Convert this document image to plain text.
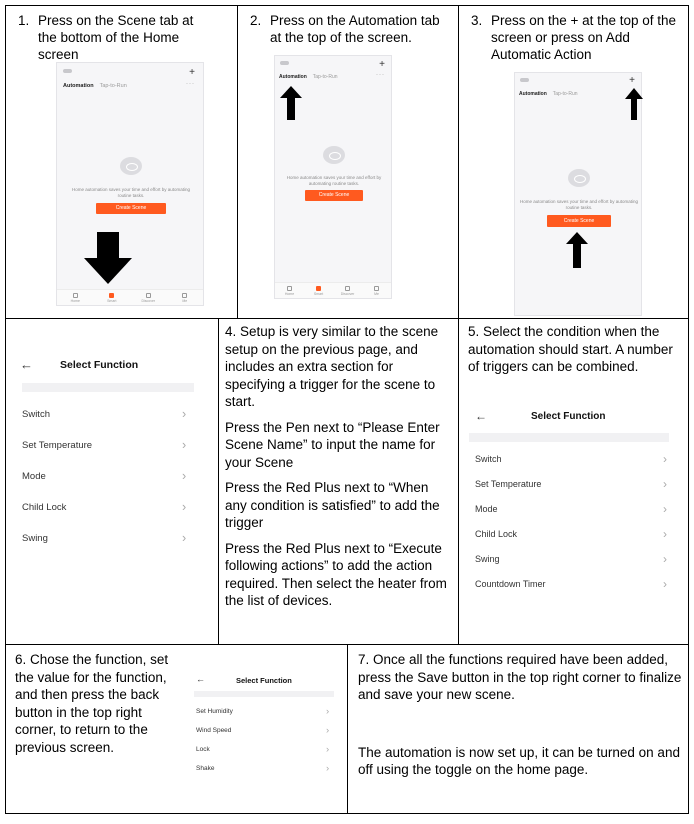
1. Press on the Scene tab at the bottom of the Home screen
+
Automation Tap-to-Run	···
Home automation saves your time and effort by automating routine tasks.
Create Scene
Home	Smart	Discover	Me
2. Press on the Automation tab at the top of the screen.
+
Automation Tap-to-Run	···
Home automation saves your time and effort by automating routine tasks.
Create Scene
Home	Smart	Discover	Me
3. Press on the + at the top of the screen or press on Add Automatic Action
+
Automation Tap-to-Run
Home automation saves your time and effort by automating routine tasks.
Create Scene
←	Select Function
Switch	›
Set Temperature	›
Mode	›
Child Lock	›
Swing	›
4. Setup is very similar to the scene setup on the previous page, and includes an extra section for specifying a trigger for the scene to start.
Press the Pen next to “Please Enter Scene Name” to input the name for your Scene
Press the Red Plus next to “When any condition is satisfied” to add the trigger
Press the Red Plus next to “Execute following actions” to add the action required. Then select the heater from the list of devices.
5. Select the condition when the automation should start. A number of triggers can be combined.
←	Select Function
Switch	›
Set Temperature	›
Mode	›
Child Lock	›
Swing	›
Countdown Timer	›
6. Chose the function, set the value for the function, and then press the back button in the top right corner, to return to the previous screen.
←	Select Function
Set Humidity	›
Wind Speed	›
Lock	›
Shake	›
7. Once all the functions required have been added, press the Save button in the top right corner to finalize and save your new scene.
The automation is now set up, it can be turned on and off using the toggle on the home page.
